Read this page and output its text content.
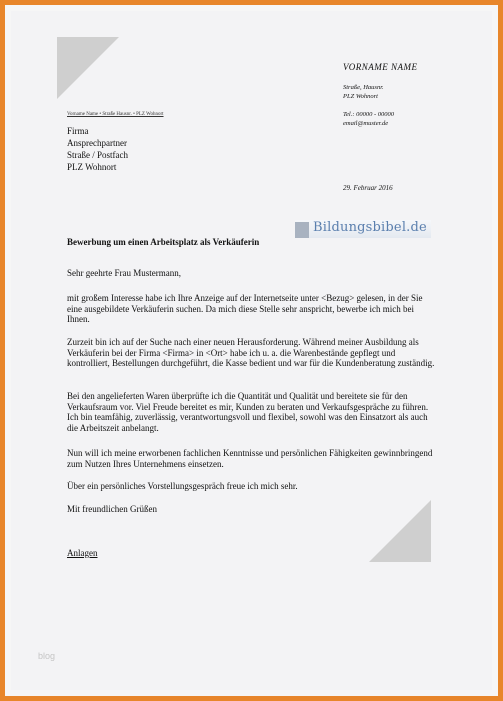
VORNAME NAME
Straße, Hausnr.
PLZ Wohnort
Tel.: 00000 - 00000
email@muster.de
Vorname Name • Straße Hausnr. • PLZ Wohnort
Firma
Ansprechpartner
Straße / Postfach
PLZ Wohnort
29. Februar 2016
Bildungsbibel.de
Bewerbung um einen Arbeitsplatz als Verkäuferin
Sehr geehrte Frau Mustermann,
mit großem Interesse habe ich Ihre Anzeige auf der Internetseite unter <Bezug> gelesen, in der Sie eine ausgebildete Verkäuferin suchen. Da mich diese Stelle sehr anspricht, bewerbe ich mich bei Ihnen.
Zurzeit bin ich auf der Suche nach einer neuen Herausforderung. Während meiner Ausbildung als Verkäuferin bei der Firma <Firma> in <Ort> habe ich u. a. die Warenbestände gepflegt und kontrolliert, Bestellungen durchgeführt, die Kasse bedient und war für die Kundenberatung zuständig.
Bei den angelieferten Waren überprüfte ich die Quantität und Qualität und bereitete sie für den Verkaufsraum vor. Viel Freude bereitet es mir, Kunden zu beraten und Verkaufsgespräche zu führen. Ich bin teamfähig, zuverlässig, verantwortungsvoll und flexibel, sowohl was den Einsatzort als auch die Arbeitszeit anbelangt.
Nun will ich meine erworbenen fachlichen Kenntnisse und persönlichen Fähigkeiten gewinnbringend zum Nutzen Ihres Unternehmens einsetzen.
Über ein persönliches Vorstellungsgespräch freue ich mich sehr.
Mit freundlichen Grüßen
Anlagen
blog
